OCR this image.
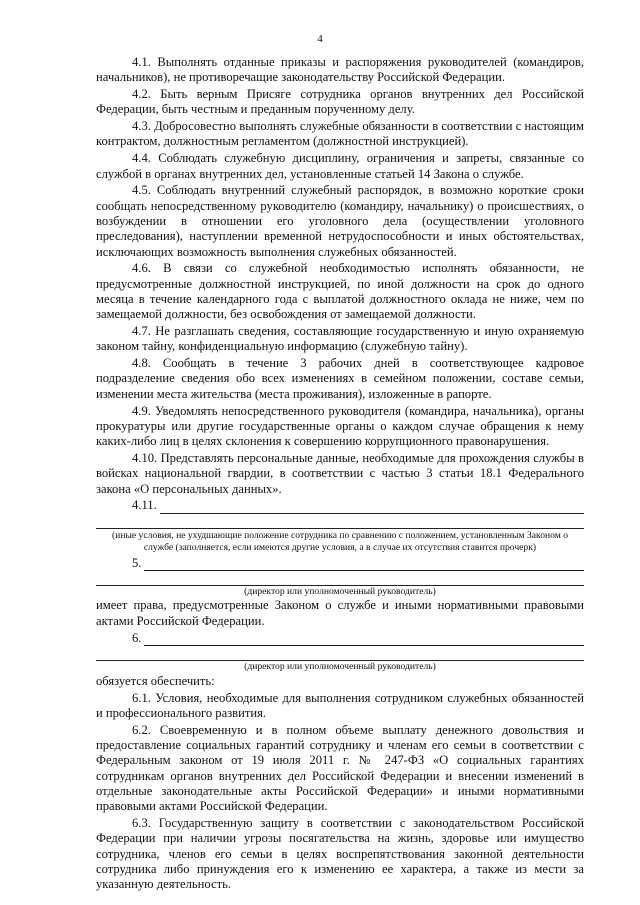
4

4.1. Выполнять отданные приказы и распоряжения руководителей (командиров, начальников), не противоречащие законодательству Российской Федерации.

4.2. Быть верным Присяге сотрудника органов внутренних дел Российской Федерации, быть честным и преданным порученному делу.

4.3. Добросовестно выполнять служебные обязанности в соответствии с настоящим контрактом, должностным регламентом (должностной инструкцией).

4.4. Соблюдать служебную дисциплину, ограничения и запреты, связанные со службой в органах внутренних дел, установленные статьей 14 Закона о службе.

4.5. Соблюдать внутренний служебный распорядок, в возможно короткие сроки сообщать непосредственному руководителю (командиру, начальнику) о происшествиях, о возбуждении в отношении его уголовного дела (осуществлении уголовного преследования), наступлении временной нетрудоспособности и иных обстоятельствах, исключающих возможность выполнения служебных обязанностей.

4.6. В связи со служебной необходимостью исполнять обязанности, не предусмотренные должностной инструкцией, по иной должности на срок до одного месяца в течение календарного года с выплатой должностного оклада не ниже, чем по замещаемой должности, без освобождения от замещаемой должности.

4.7. Не разглашать сведения, составляющие государственную и иную охраняемую законом тайну, конфиденциальную информацию (служебную тайну).

4.8. Сообщать в течение 3 рабочих дней в соответствующее кадровое подразделение сведения обо всех изменениях в семейном положении, составе семьи, изменении места жительства (места проживания), изложенные в рапорте.

4.9. Уведомлять непосредственного руководителя (командира, начальника), органы прокуратуры или другие государственные органы о каждом случае обращения к нему каких-либо лиц в целях склонения к совершению коррупционного правонарушения.

4.10. Представлять персональные данные, необходимые для прохождения службы в войсках национальной гвардии, в соответствии с частью 3 статьи 18.1 Федерального закона «О персональных данных».

4.11.
(иные условия, не ухудшающие положение сотрудника по сравнению с положением, установленным Законом о службе (заполняется, если имеются другие условия, а в случае их отсутствия ставится прочерк)
5.
(директор или уполномоченный руководитель)

имеет права, предусмотренные Законом о службе и иными нормативными правовыми актами Российской Федерации.

6.
(директор или уполномоченный руководитель)

обязуется обеспечить:

6.1. Условия, необходимые для выполнения сотрудником служебных обязанностей и профессионального развития.

6.2. Своевременную и в полном объеме выплату денежного довольствия и предоставление социальных гарантий сотруднику и членам его семьи в соответствии с Федеральным законом от 19 июля 2011 г. № 247-ФЗ «О социальных гарантиях сотрудникам органов внутренних дел Российской Федерации и внесении изменений в отдельные законодательные акты Российской Федерации» и иными нормативными правовыми актами Российской Федерации.

6.3. Государственную защиту в соответствии с законодательством Российской Федерации при наличии угрозы посягательства на жизнь, здоровье или имущество сотрудника, членов его семьи в целях воспрепятствования законной деятельности сотрудника либо принуждения его к изменению ее характера, а также из мести за указанную деятельность.
